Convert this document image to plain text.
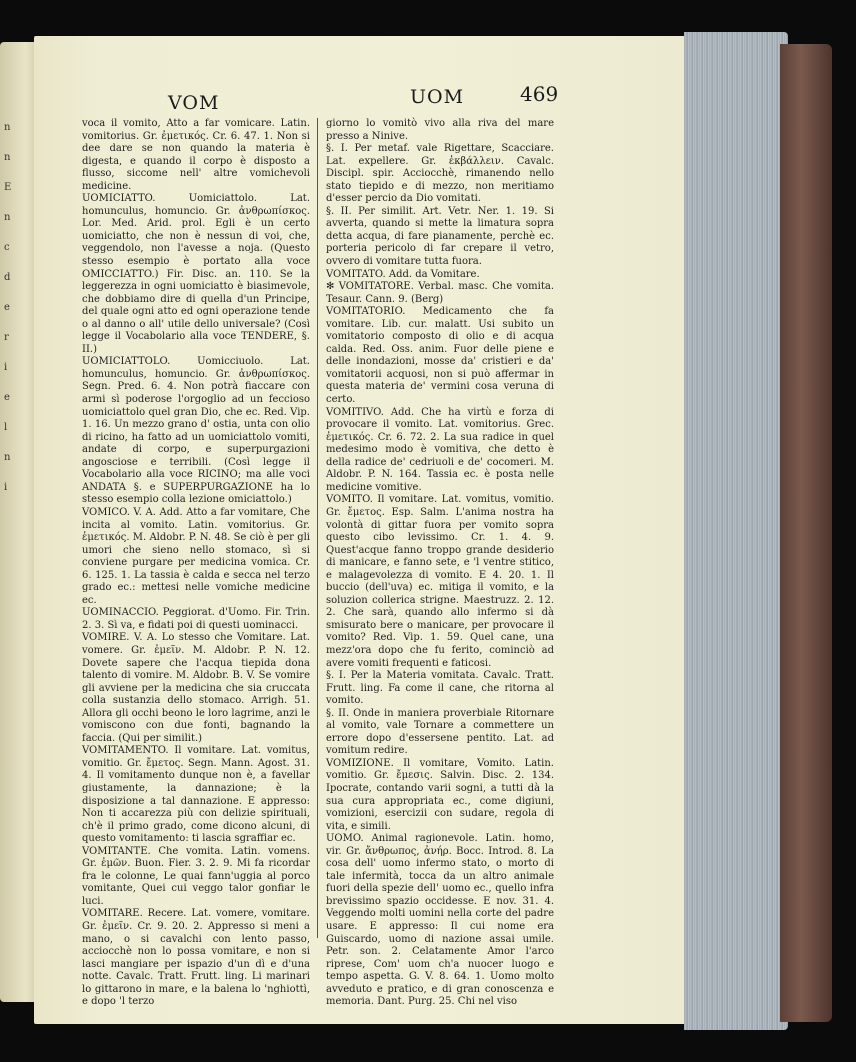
n
n
E
n
c
d
e
r
i
e
l
n
i
VOM	UOM	469

voca il vomito, Atto a far vomicare. Latin. vomitorius. Gr. ἐμετικός. Cr. 6. 47. 1. Non si dee dare se non quando la materia è digesta, e quando il corpo è disposto a flusso, siccome nell' altre vomichevoli medicine.

UOMICIATTO. Uomiciattolo. Lat. homunculus, homuncio. Gr. ἀνθρωπίσκος. Lor. Med. Arid. prol. Egli è un certo uomiciatto, che non è nessun di voi, che, veggendolo, non l'avesse a noja. (Questo stesso esempio è portato alla voce OMICCIATTO.) Fir. Disc. an. 110. Se la leggerezza in ogni uomiciatto è biasimevole, che dobbiamo dire di quella d'un Principe, del quale ogni atto ed ogni operazione tende o al danno o all' utile dello universale? (Così legge il Vocabolario alla voce TENDERE, §. II.)

UOMICIATTOLO. Uomicciuolo. Lat. homunculus, homuncio. Gr. ἀνθρωπίσκος. Segn. Pred. 6. 4. Non potrà fiaccare con armi sì poderose l'orgoglio ad un feccioso uomiciattolo quel gran Dio, che ec. Red. Vip. 1. 16. Un mezzo grano d' ostia, unta con olio di ricino, ha fatto ad un uomiciattolo vomiti, andate di corpo, e superpurgazioni angosciose e terribili. (Così legge il Vocabolario alla voce RICINO; ma alle voci ANDATA §. e SUPERPURGAZIONE ha lo stesso esempio colla lezione omiciattolo.)

VOMICO. V. A. Add. Atto a far vomitare, Che incita al vomito. Latin. vomitorius. Gr. ἐμετικός. M. Aldobr. P. N. 48. Se ciò è per gli umori che sieno nello stomaco, sì si conviene purgare per medicina vomica. Cr. 6. 125. 1. La tassia è calda e secca nel terzo grado ec.: mettesi nelle vomiche medicine ec.

UOMINACCIO. Peggiorat. d'Uomo. Fir. Trin. 2. 3. Sì va, e fidati poi di questi uominacci.

VOMIRE. V. A. Lo stesso che Vomitare. Lat. vomere. Gr. ἐμεῖν. M. Aldobr. P. N. 12. Dovete sapere che l'acqua tiepida dona talento di vomire. M. Aldobr. B. V. Se vomire gli avviene per la medicina che sia cruccata colla sustanzia dello stomaco. Arrigh. 51. Allora gli occhi beono le loro lagrime, anzi le vomiscono con due fonti, bagnando la faccia. (Qui per similit.)

VOMITAMENTO. Il vomitare. Lat. vomitus, vomitio. Gr. ἔμετος. Segn. Mann. Agost. 31. 4. Il vomitamento dunque non è, a favellar giustamente, la dannazione; è la disposizione a tal dannazione. E appresso: Non ti accarezza più con delizie spirituali, ch'è il primo grado, come dicono alcuni, di questo vomitamento: ti lascia sgraffiar ec.

VOMITANTE. Che vomita. Latin. vomens. Gr. ἐμῶν. Buon. Fier. 3. 2. 9. Mi fa ricordar fra le colonne, Le quai fann'uggia al porco vomitante, Quei cui veggo talor gonfiar le luci.

VOMITARE. Recere. Lat. vomere, vomitare. Gr. ἐμεῖν. Cr. 9. 20. 2. Appresso si meni a mano, o si cavalchi con lento passo, acciocchè non lo possa vomitare, e non si lasci mangiare per ispazio d'un dì e d'una notte. Cavalc. Tratt. Frutt. ling. Li marinari lo gittarono in mare, e la balena lo 'nghiottì, e dopo 'l terzo

giorno lo vomitò vivo alla riva del mare presso a Ninive.

§. I. Per metaf. vale Rigettare, Scacciare. Lat. expellere. Gr. ἐκβάλλειν. Cavalc. Discipl. spir. Acciocchè, rimanendo nello stato tiepido e di mezzo, non meritiamo d'esser percio da Dio vomitati.

§. II. Per similit. Art. Vetr. Ner. 1. 19. Si avverta, quando si mette la limatura sopra detta acqua, di fare pianamente, perchè ec. porteria pericolo di far crepare il vetro, ovvero di vomitare tutta fuora.

VOMITATO. Add. da Vomitare.

✻ VOMITATORE. Verbal. masc. Che vomita. Tesaur. Cann. 9. (Berg)

VOMITATORIO. Medicamento che fa vomitare. Lib. cur. malatt. Usi subito un vomitatorio composto di olio e di acqua calda. Red. Oss. anim. Fuor delle piene e delle inondazioni, mosse da' cristieri e da' vomitatorii acquosi, non si può affermar in questa materia de' vermini cosa veruna di certo.

VOMITIVO. Add. Che ha virtù e forza di provocare il vomito. Lat. vomitorius. Grec. ἐμετικός. Cr. 6. 72. 2. La sua radice in quel medesimo modo è vomitiva, che detto è della radice de' cedriuoli e de' cocomeri. M. Aldobr. P. N. 164. Tassia ec. è posta nelle medicine vomitive.

VOMITO. Il vomitare. Lat. vomitus, vomitio. Gr. ἔμετος. Esp. Salm. L'anima nostra ha volontà di gittar fuora per vomito sopra questo cibo levissimo. Cr. 1. 4. 9. Quest'acque fanno troppo grande desiderio di manicare, e fanno sete, e 'l ventre stitico, e malagevolezza di vomito. E 4. 20. 1. Il buccio (dell'uva) ec. mitiga il vomito, e la soluzion collerica strigne. Maestruzz. 2. 12. 2. Che sarà, quando allo infermo si dà smisurato bere o manicare, per provocare il vomito? Red. Vip. 1. 59. Quel cane, una mezz'ora dopo che fu ferito, cominciò ad avere vomiti frequenti e faticosi.

§. I. Per la Materia vomitata. Cavalc. Tratt. Frutt. ling. Fa come il cane, che ritorna al vomito.

§. II. Onde in maniera proverbiale Ritornare al vomito, vale Tornare a commettere un errore dopo d'essersene pentito. Lat. ad vomitum redire.

VOMIZIONE. Il vomitare, Vomito. Latin. vomitio. Gr. ἔμεσις. Salvin. Disc. 2. 134. Ipocrate, contando varii sogni, a tutti dà la sua cura appropriata ec., come digiuni, vomizioni, esercizii con sudare, regola di vita, e simili.

UOMO. Animal ragionevole. Latin. homo, vir. Gr. ἄνθρωπος, ἀνήρ. Bocc. Introd. 8. La cosa dell' uomo infermo stato, o morto di tale infermità, tocca da un altro animale fuori della spezie dell' uomo ec., quello infra brevissimo spazio occidesse. E nov. 31. 4. Veggendo molti uomini nella corte del padre usare. E appresso: Il cui nome era Guiscardo, uomo di nazione assai umile. Petr. son. 2. Celatamente Amor l'arco riprese, Com' uom ch'a nuocer luogo e tempo aspetta. G. V. 8. 64. 1. Uomo molto avveduto e pratico, e di gran conoscenza e memoria. Dant. Purg. 25. Chi nel viso
